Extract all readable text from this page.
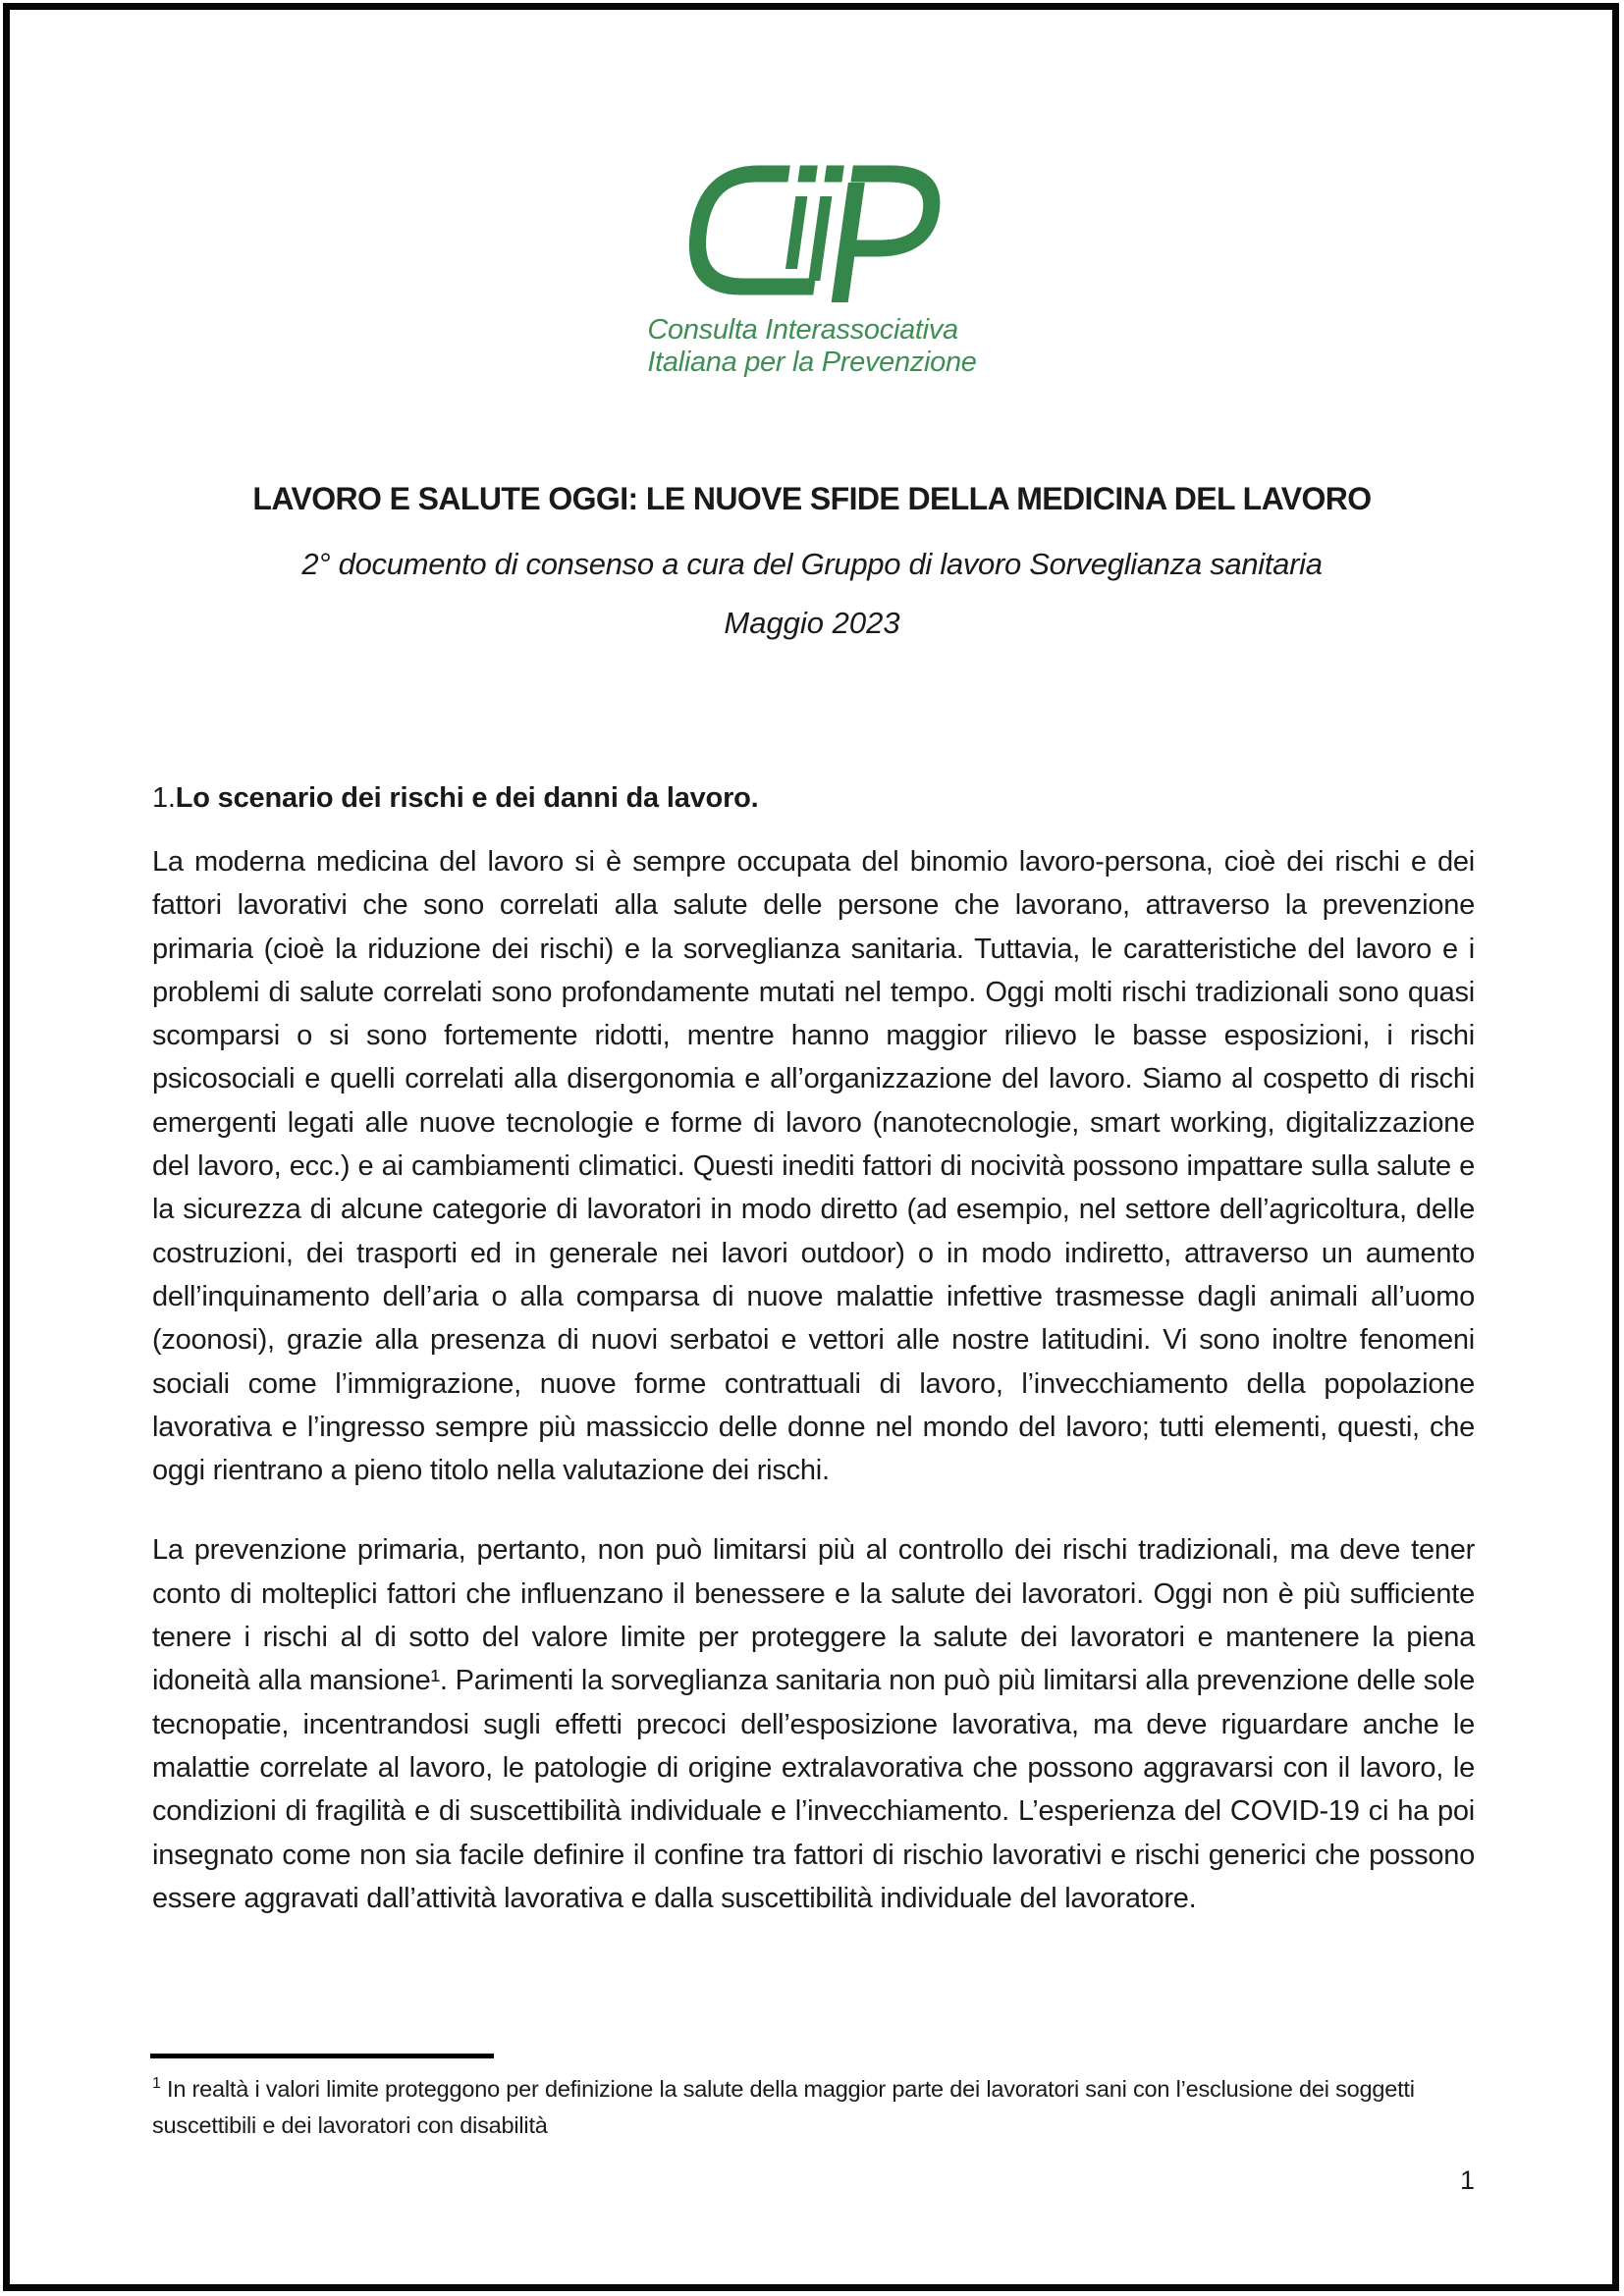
Consulta Interassociativa
Italiana per la Prevenzione
LAVORO E SALUTE OGGI: LE NUOVE SFIDE DELLA MEDICINA DEL LAVORO
2° documento di consenso a cura del Gruppo di lavoro Sorveglianza sanitaria
Maggio 2023
1.Lo scenario dei rischi e dei danni da lavoro.

La moderna medicina del lavoro si è sempre occupata del binomio lavoro-persona, cioè dei rischi e dei fattori lavorativi che sono correlati alla salute delle persone che lavorano, attraverso la prevenzione primaria (cioè la riduzione dei rischi) e la sorveglianza sanitaria. Tuttavia, le caratteristiche del lavoro e i problemi di salute correlati sono profondamente mutati nel tempo. Oggi molti rischi tradizionali sono quasi scomparsi o si sono fortemente ridotti, mentre hanno maggior rilievo le basse esposizioni, i rischi psicosociali e quelli correlati alla disergonomia e all’organizzazione del lavoro. Siamo al cospetto di rischi emergenti legati alle nuove tecnologie e forme di lavoro (nanotecnologie, smart working, digitalizzazione del lavoro, ecc.) e ai cambiamenti climatici. Questi inediti fattori di nocività possono impattare sulla salute e la sicurezza di alcune categorie di lavoratori in modo diretto (ad esempio, nel settore dell’agricoltura, delle costruzioni, dei trasporti ed in generale nei lavori outdoor) o in modo indiretto, attraverso un aumento dell’inquinamento dell’aria o alla comparsa di nuove malattie infettive trasmesse dagli animali all’uomo (zoonosi), grazie alla presenza di nuovi serbatoi e vettori alle nostre latitudini. Vi sono inoltre fenomeni sociali come l’immigrazione, nuove forme contrattuali di lavoro, l’invecchiamento della popolazione lavorativa e l’ingresso sempre più massiccio delle donne nel mondo del lavoro; tutti elementi, questi, che oggi rientrano a pieno titolo nella valutazione dei rischi.

La prevenzione primaria, pertanto, non può limitarsi più al controllo dei rischi tradizionali, ma deve tener conto di molteplici fattori che influenzano il benessere e la salute dei lavoratori. Oggi non è più sufficiente tenere i rischi al di sotto del valore limite per proteggere la salute dei lavoratori e mantenere la piena idoneità alla mansione¹. Parimenti la sorveglianza sanitaria non può più limitarsi alla prevenzione delle sole tecnopatie, incentrandosi sugli effetti precoci dell’esposizione lavorativa, ma deve riguardare anche le malattie correlate al lavoro, le patologie di origine extralavorativa che possono aggravarsi con il lavoro, le condizioni di fragilità e di suscettibilità individuale e l’invecchiamento. L’esperienza del COVID-19 ci ha poi insegnato come non sia facile definire il confine tra fattori di rischio lavorativi e rischi generici che possono essere aggravati dall’attività lavorativa e dalla suscettibilità individuale del lavoratore.

$^1$ In realtà i valori limite proteggono per definizione la salute della maggior parte dei lavoratori sani con l’esclusione dei soggetti suscettibili e dei lavoratori con disabilità
1
